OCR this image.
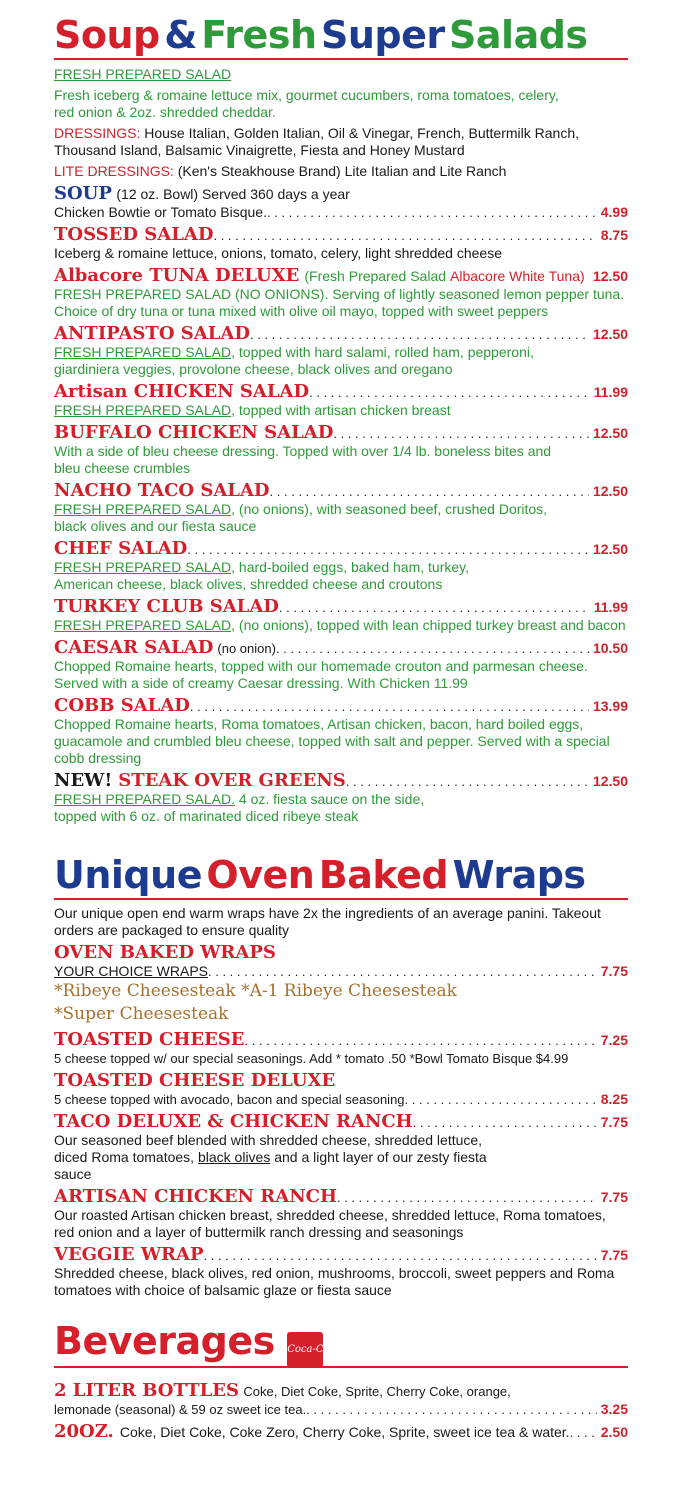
Soup & Fresh Super Salads
FRESH PREPARED SALAD
Fresh iceberg & romaine lettuce mix, gourmet cucumbers, roma tomatoes, celery, red onion & 2oz. shredded cheddar.
DRESSINGS: House Italian, Golden Italian, Oil & Vinegar, French, Buttermilk Ranch, Thousand Island, Balsamic Vinaigrette, Fiesta and Honey Mustard
LITE DRESSINGS: (Ken's Steakhouse Brand) Lite Italian and Lite Ranch
SOUP (12 oz. Bowl) Served 360 days a year
Chicken Bowtie or Tomato Bisque. . . .	4.99
TOSSED SALAD . . .	8.75
Iceberg & romaine lettuce, onions, tomato, celery, light shredded cheese
Albacore TUNA DELUXE (Fresh Prepared Salad Albacore White Tuna) 12.50
FRESH PREPARED SALAD (NO ONIONS). Serving of lightly seasoned lemon pepper tuna. Choice of dry tuna or tuna mixed with olive oil mayo, topped with sweet peppers
ANTIPASTO SALAD . . .	12.50
FRESH PREPARED SALAD, topped with hard salami, rolled ham, pepperoni, giardiniera veggies, provolone cheese, black olives and oregano
Artisan CHICKEN SALAD . . .	11.99
FRESH PREPARED SALAD, topped with artisan chicken breast
BUFFALO CHICKEN SALAD . . .	12.50
With a side of bleu cheese dressing. Topped with over 1/4 lb. boneless bites and bleu cheese crumbles
NACHO TACO SALAD . . .	12.50
FRESH PREPARED SALAD, (no onions), with seasoned beef, crushed Doritos, black olives and our fiesta sauce
CHEF SALAD . . .	12.50
FRESH PREPARED SALAD, hard-boiled eggs, baked ham, turkey, American cheese, black olives, shredded cheese and croutons
TURKEY CLUB SALAD . . .	11.99
FRESH PREPARED SALAD, (no onions), topped with lean chipped turkey breast and bacon
CAESAR SALAD (no onion) . . .	10.50
Chopped Romaine hearts, topped with our homemade crouton and parmesan cheese. Served with a side of creamy Caesar dressing. With Chicken 11.99
COBB SALAD . . .	13.99
Chopped Romaine hearts, Roma tomatoes, Artisan chicken, bacon, hard boiled eggs, guacamole and crumbled bleu cheese, topped with salt and pepper. Served with a special cobb dressing
NEW! STEAK OVER GREENS . . .	12.50
FRESH PREPARED SALAD. 4 oz. fiesta sauce on the side, topped with 6 oz. of marinated diced ribeye steak
Unique Oven Baked Wraps
Our unique open end warm wraps have 2x the ingredients of an average panini. Takeout orders are packaged to ensure quality
OVEN BAKED WRAPS
YOUR CHOICE WRAPS . . .	7.75
*Ribeye Cheesesteak *A-1 Ribeye Cheesesteak
*Super Cheesesteak
TOASTED CHEESE . . .	7.25
5 cheese topped w/ our special seasonings. Add * tomato .50 *Bowl Tomato Bisque $4.99
TOASTED CHEESE DELUXE
5 cheese topped with avocado, bacon and special seasoning . . .	8.25
TACO DELUXE & CHICKEN RANCH . . .	7.75
Our seasoned beef blended with shredded cheese, shredded lettuce, diced Roma tomatoes, black olives and a light layer of our zesty fiesta sauce
ARTISAN CHICKEN RANCH . . .	7.75
Our roasted Artisan chicken breast, shredded cheese, shredded lettuce, Roma tomatoes, red onion and a layer of buttermilk ranch dressing and seasonings
VEGGIE WRAP . . .	7.75
Shredded cheese, black olives, red onion, mushrooms, broccoli, sweet peppers and Roma tomatoes with choice of balsamic glaze or fiesta sauce
Beverages Coca-Cola
2 LITER BOTTLES Coke, Diet Coke, Sprite, Cherry Coke, orange,
lemonade (seasonal) & 59 oz sweet ice tea. . . .	3.25
20OZ. Coke, Diet Coke, Coke Zero, Cherry Coke, Sprite, sweet ice tea & water. . . . 2.50
